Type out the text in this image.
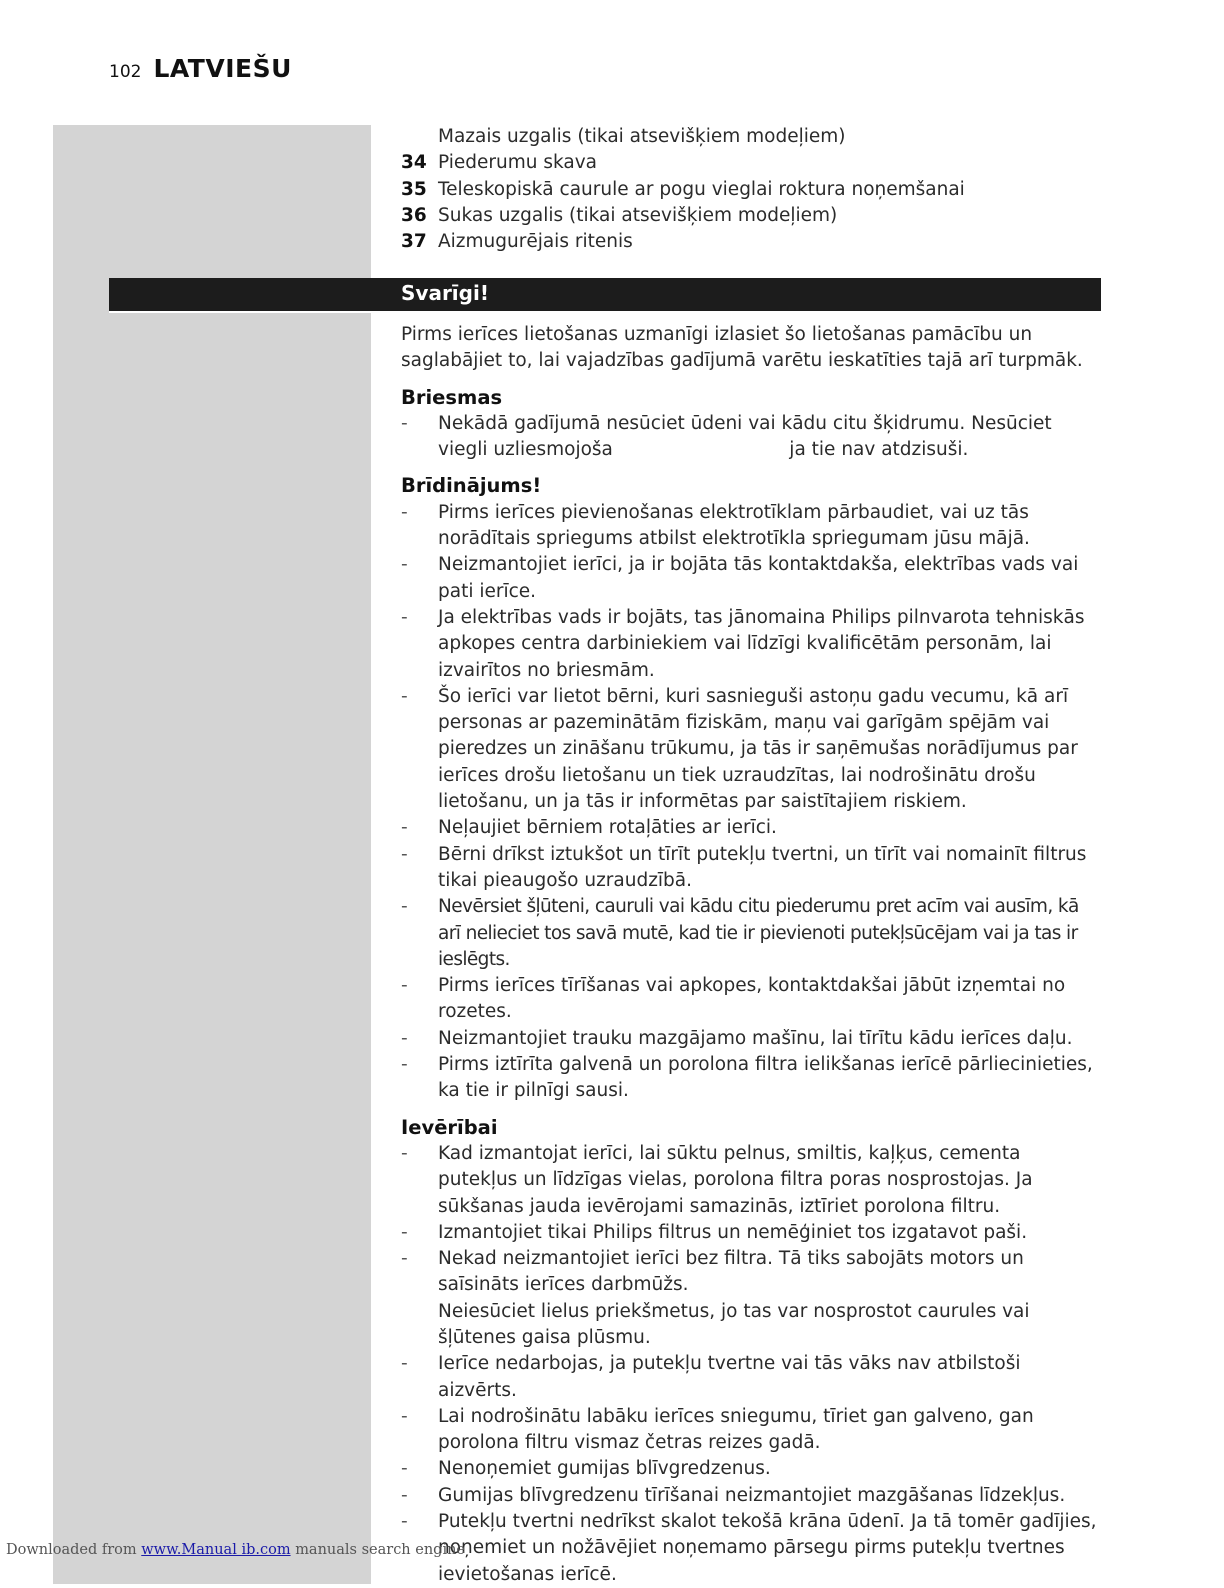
102 LATVIEŠU
Mazais uzgalis (tikai atsevišķiem modeļiem)
34 Piederumu skava
35 Teleskopiskā caurule ar pogu vieglai roktura noņemšanai
36 Sukas uzgalis (tikai atsevišķiem modeļiem)
37 Aizmugurējais ritenis
Svarīgi!
Pirms ierīces lietošanas uzmanīgi izlasiet šo lietošanas pamācību un saglabājiet to, lai vajadzības gadījumā varētu ieskatīties tajā arī turpmāk.
Briesmas
- Nekādā gadījumā nesūciet ūdeni vai kādu citu šķidrumu. Nesūciet viegli uzliesmojoša                              ja tie nav atdzisuši.
Brīdinājums!
- Pirms ierīces pievienošanas elektrotīklam pārbaudiet, vai uz tās norādītais spriegums atbilst elektrotīkla spriegumam jūsu mājā.
- Neizmantojiet ierīci, ja ir bojāta tās kontaktdakša, elektrības vads vai pati ierīce.
- Ja elektrības vads ir bojāts, tas jānomaina Philips pilnvarota tehniskās apkopes centra darbiniekiem vai līdzīgi kvalificētām personām, lai izvairītos no briesmām.
- Šo ierīci var lietot bērni, kuri sasnieguši astoņu gadu vecumu, kā arī personas ar pazeminātām fiziskām, maņu vai garīgām spējām vai pieredzes un zināšanu trūkumu, ja tās ir saņēmušas norādījumus par ierīces drošu lietošanu un tiek uzraudzītas, lai nodrošinātu drošu lietošanu, un ja tās ir informētas par saistītajiem riskiem.
- Neļaujiet bērniem rotaļāties ar ierīci.
- Bērni drīkst iztukšot un tīrīt putekļu tvertni, un tīrīt vai nomainīt filtrus tikai pieaugošo uzraudzībā.
- Nevērsiet šļūteni, cauruli vai kādu citu piederumu pret acīm vai ausīm, kā arī nelieciet tos savā mutē, kad tie ir pievienoti putekļsūcējam vai ja tas ir ieslēgts.
- Pirms ierīces tīrīšanas vai apkopes, kontaktdakšai jābūt izņemtai no rozetes.
- Neizmantojiet trauku mazgājamo mašīnu, lai tīrītu kādu ierīces daļu.
- Pirms iztīrīta galvenā un porolona filtra ielikšanas ierīcē pārliecinieties, ka tie ir pilnīgi sausi.
Ievērībai
- Kad izmantojat ierīci, lai sūktu pelnus, smiltis, kaļķus, cementa putekļus un līdzīgas vielas, porolona filtra poras nosprostojas. Ja sūkšanas jauda ievērojami samazinās, iztīriet porolona filtru.
- Izmantojiet tikai Philips filtrus un nemēģiniet tos izgatavot paši.
- Nekad neizmantojiet ierīci bez filtra. Tā tiks sabojāts motors un saīsināts ierīces darbmūžs.
Neiesūciet lielus priekšmetus, jo tas var nosprostot caurules vai šļūtenes gaisa plūsmu.
- Ierīce nedarbojas, ja putekļu tvertne vai tās vāks nav atbilstoši aizvērts.
- Lai nodrošinātu labāku ierīces sniegumu, tīriet gan galveno, gan porolona filtru vismaz četras reizes gadā.
- Nenoņemiet gumijas blīvgredzenus.
- Gumijas blīvgredzenu tīrīšanai neizmantojiet mazgāšanas līdzekļus.
- Putekļu tvertni nedrīkst skalot tekošā krāna ūdenī. Ja tā tomēr gadījies, noņemiet un nožāvējiet noņemamo pārsegu pirms putekļu tvertnes ievietošanas ierīcē.
Downloaded from www.Manual ib.com manuals search engine
